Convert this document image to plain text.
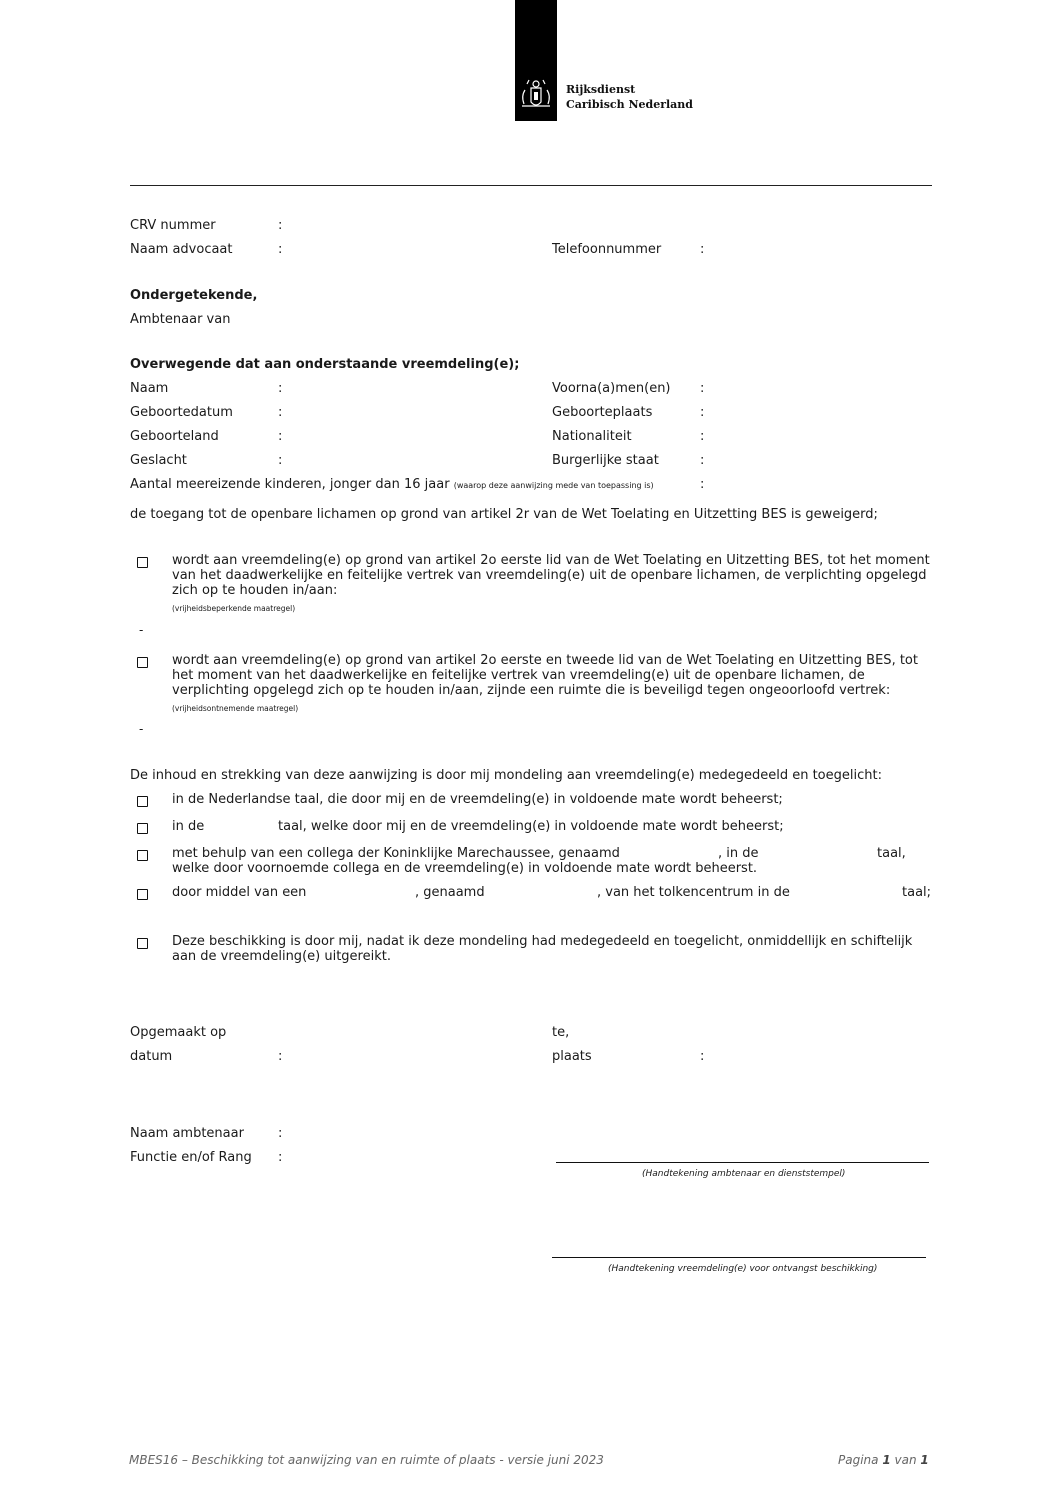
Rijksdienst
Caribisch Nederland
CRV nummer	:
Naam advocaat	:	Telefoonnummer	:
Ondergetekende,
Ambtenaar van
Overwegende dat aan onderstaande vreemdeling(e);
Naam	:	Voorna(a)men(en) :
Geboortedatum	:	Geboorteplaats	:
Geboorteland	:	Nationaliteit	:
Geslacht	:	Burgerlijke staat	:
Aantal meereizende kinderen, jonger dan 16 jaar (waarop deze aanwijzing mede van toepassing is)	:
de toegang tot de openbare lichamen op grond van artikel 2r van de Wet Toelating en Uitzetting BES is geweigerd;
wordt aan vreemdeling(e) op grond van artikel 2o eerste lid van de Wet Toelating en Uitzetting BES, tot het moment van het daadwerkelijke en feitelijke vertrek van vreemdeling(e) uit de openbare lichamen, de verplichting opgelegd zich op te houden in/aan:
(vrijheidsbeperkende maatregel)
-
wordt aan vreemdeling(e) op grond van artikel 2o eerste en tweede lid van de Wet Toelating en Uitzetting BES, tot het moment van het daadwerkelijke en feitelijke vertrek van vreemdeling(e) uit de openbare lichamen, de verplichting opgelegd zich op te houden in/aan, zijnde een ruimte die is beveiligd tegen ongeoorloofd vertrek:
(vrijheidsontnemende maatregel)
-
De inhoud en strekking van deze aanwijzing is door mij mondeling aan vreemdeling(e) medegedeeld en toegelicht:
in de Nederlandse taal, die door mij en de vreemdeling(e) in voldoende mate wordt beheerst;
in de	taal, welke door mij en de vreemdeling(e) in voldoende mate wordt beheerst;
met behulp van een collega der Koninklijke Marechaussee, genaamd	, in de	taal,
welke door voornoemde collega en de vreemdeling(e) in voldoende mate wordt beheerst.
door middel van een	, genaamd	, van het tolkencentrum in de	taal;
Deze beschikking is door mij, nadat ik deze mondeling had medegedeeld en toegelicht, onmiddellijk en schiftelijk aan de vreemdeling(e) uitgereikt.
Opgemaakt op	te,
datum	:	plaats	:
Naam ambtenaar	:
Functie en/of Rang :
(Handtekening ambtenaar en dienststempel)
(Handtekening vreemdeling(e) voor ontvangst beschikking)
MBES16 – Beschikking tot aanwijzing van en ruimte of plaats - versie juni 2023	Pagina 1 van 1
